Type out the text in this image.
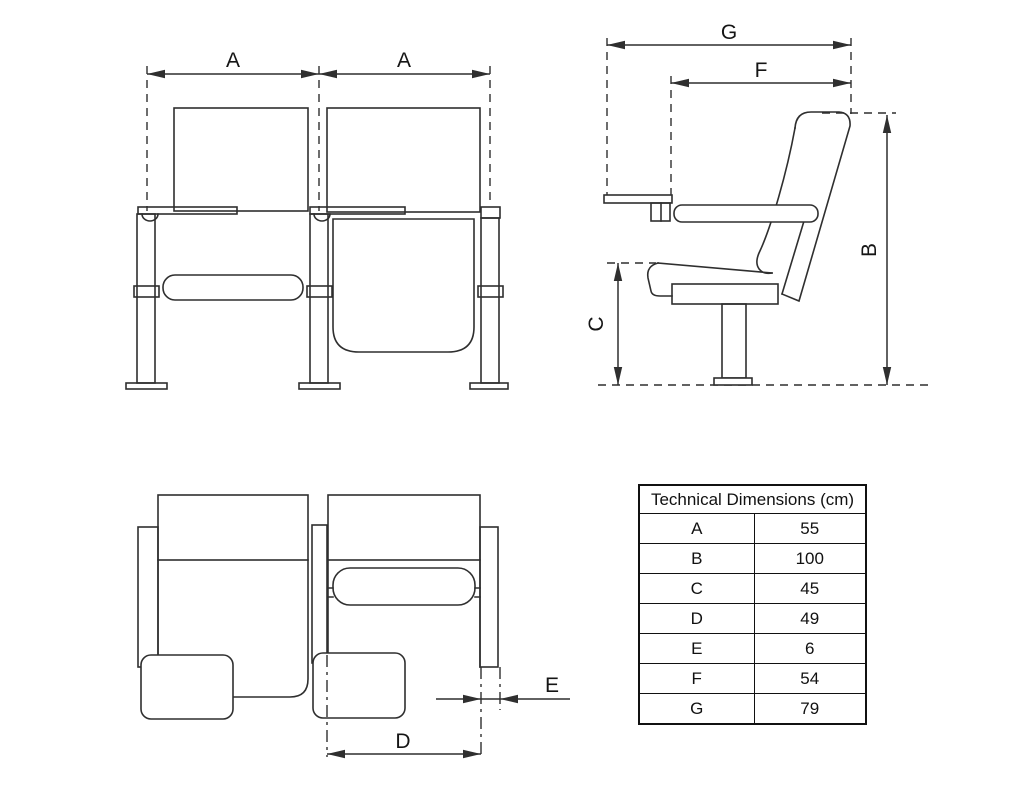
A	A
G
F
B
C
D
E
Technical Dimensions (cm)	
A	55
B	100
C	45
D	49
E	6
F	54
G	79
